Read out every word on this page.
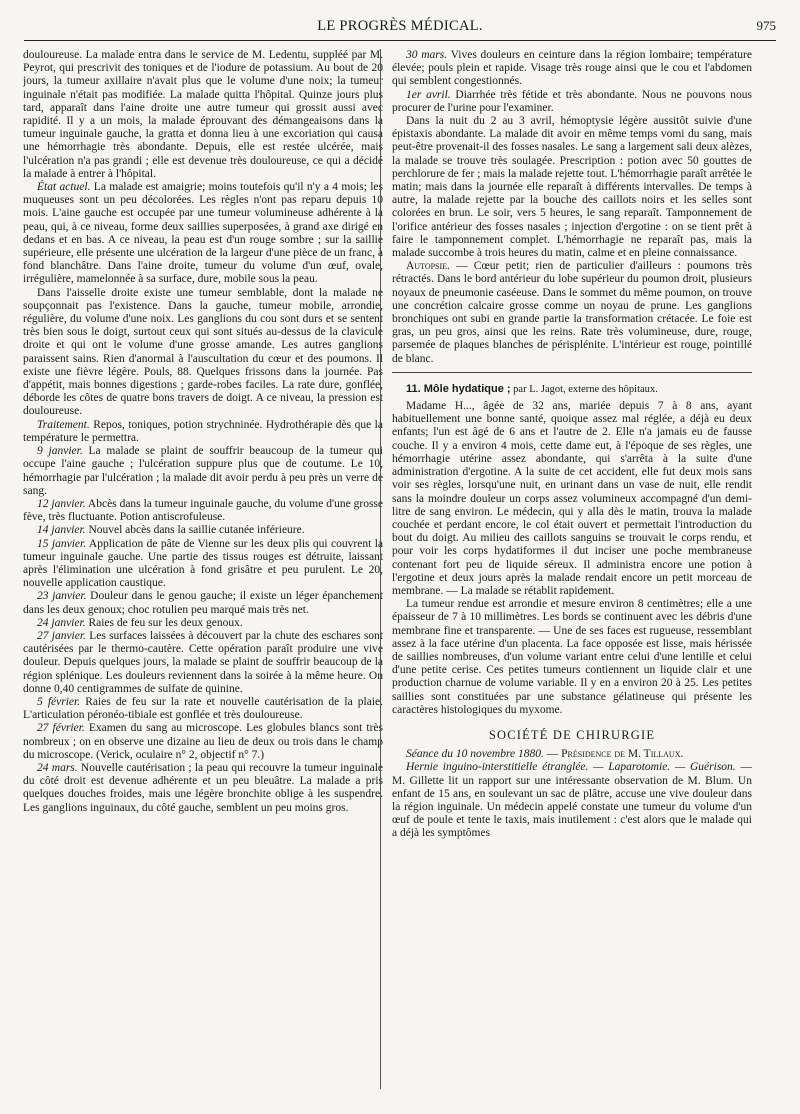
LE PROGRÈS MÉDICAL.	975

douloureuse. La malade entra dans le service de M. Ledentu, suppléé par M. Peyrot, qui prescrivit des toniques et de l'iodure de potassium. Au bout de 20 jours, la tumeur axillaire n'avait plus que le volume d'une noix; la tumeur inguinale n'était pas modifiée. La malade quitta l'hôpital. Quinze jours plus tard, apparaît dans l'aine droite une autre tumeur qui grossit aussi avec rapidité. Il y a un mois, la malade éprouvant des démangeaisons dans la tumeur inguinale gauche, la gratta et donna lieu à une excoriation qui causa une hémorrhagie très abondante. Depuis, elle est restée ulcérée, mais l'ulcération n'a pas grandi ; elle est devenue très douloureuse, ce qui a décidé la malade à entrer à l'hôpital.

État actuel. La malade est amaigrie; moins toutefois qu'il n'y a 4 mois; les muqueuses sont un peu décolorées. Les règles n'ont pas reparu depuis 10 mois. L'aine gauche est occupée par une tumeur volumineuse adhérente à la peau, qui, à ce niveau, forme deux saillies superposées, à grand axe dirigé en dedans et en bas. A ce niveau, la peau est d'un rouge sombre ; sur la saillie supérieure, elle présente une ulcération de la largeur d'une pièce de un franc, à fond blanchâtre. Dans l'aine droite, tumeur du volume d'un œuf, ovale, irrégulière, mamelonnée à sa surface, dure, mobile sous la peau.

Dans l'aisselle droite existe une tumeur semblable, dont la malade ne soupçonnait pas l'existence. Dans la gauche, tumeur mobile, arrondie, régulière, du volume d'une noix. Les ganglions du cou sont durs et se sentent très bien sous le doigt, surtout ceux qui sont situés au-dessus de la clavicule droite et qui ont le volume d'une grosse amande. Les autres ganglions paraissent sains. Rien d'anormal à l'auscultation du cœur et des poumons. Il existe une fièvre légère. Pouls, 88. Quelques frissons dans la journée. Pas d'appétit, mais bonnes digestions ; garde-robes faciles. La rate dure, gonflée, déborde les côtes de quatre bons travers de doigt. A ce niveau, la pression est douloureuse.

Traitement. Repos, toniques, potion strychninée. Hydrothérapie dès que la température le permettra.

9 janvier. La malade se plaint de souffrir beaucoup de la tumeur qui occupe l'aine gauche ; l'ulcération suppure plus que de coutume. Le 10, hémorrhagie par l'ulcération ; la malade dit avoir perdu à peu près un verre de sang.

12 janvier. Abcès dans la tumeur inguinale gauche, du volume d'une grosse fève, très fluctuante. Potion antiscrofuleuse.

14 janvier. Nouvel abcès dans la saillie cutanée inférieure.

15 janvier. Application de pâte de Vienne sur les deux plis qui couvrent la tumeur inguinale gauche. Une partie des tissus rouges est détruite, laissant après l'élimination une ulcération à fond grisâtre et peu purulent. Le 20, nouvelle application caustique.

23 janvier. Douleur dans le genou gauche; il existe un léger épanchement dans les deux genoux; choc rotulien peu marqué mais très net.

24 janvier. Raies de feu sur les deux genoux.

27 janvier. Les surfaces laissées à découvert par la chute des eschares sont cautérisées par le thermo-cautère. Cette opération paraît produire une vive douleur. Depuis quelques jours, la malade se plaint de souffrir beaucoup de la région splénique. Les douleurs reviennent dans la soirée à la même heure. On donne 0,40 centigrammes de sulfate de quinine.

5 février. Raies de feu sur la rate et nouvelle cautérisation de la plaie. L'articulation péronéo-tibiale est gonflée et très douloureuse.

27 février. Examen du sang au microscope. Les globules blancs sont très nombreux ; on en observe une dizaine au lieu de deux ou trois dans le champ du microscope. (Verick, oculaire n° 2, objectif n° 7.)

24 mars. Nouvelle cautérisation ; la peau qui recouvre la tumeur inguinale du côté droit est devenue adhérente et un peu bleuâtre. La malade a pris quelques douches froides, mais une légère bronchite oblige à les suspendre. Les ganglions inguinaux, du côté gauche, semblent un peu moins gros.

30 mars. Vives douleurs en ceinture dans la région lombaire; température élevée; pouls plein et rapide. Visage très rouge ainsi que le cou et l'abdomen qui semblent congestionnés.

1er avril. Diarrhée très fétide et très abondante. Nous ne pouvons nous procurer de l'urine pour l'examiner.

Dans la nuit du 2 au 3 avril, hémoptysie légère aussitôt suivie d'une épistaxis abondante. La malade dit avoir en même temps vomi du sang, mais peut-être provenait-il des fosses nasales. Le sang a largement sali deux alèzes, la malade se trouve très soulagée. Prescription : potion avec 50 gouttes de perchlorure de fer ; mais la malade rejette tout. L'hémorrhagie paraît arrêtée le matin; mais dans la journée elle reparaît à différents intervalles. De temps à autre, la malade rejette par la bouche des caillots noirs et les selles sont colorées en brun. Le soir, vers 5 heures, le sang reparaît. Tamponnement de l'orifice antérieur des fosses nasales ; injection d'ergotine : on se tient prêt à faire le tamponnement complet. L'hémorrhagie ne reparaît pas, mais la malade succombe à trois heures du matin, calme et en pleine connaissance.

Autopsie. — Cœur petit; rien de particulier d'ailleurs : poumons très rétractés. Dans le bord antérieur du lobe supérieur du poumon droit, plusieurs noyaux de pneumonie caséeuse. Dans le sommet du même poumon, on trouve une concrétion calcaire grosse comme un noyau de prune. Les ganglions bronchiques ont subi en grande partie la transformation crétacée. Le foie est gras, un peu gros, ainsi que les reins. Rate très volumineuse, dure, rouge, parsemée de plaques blanches de périsplénite. L'intérieur est rouge, pointillé de blanc.

11. Môle hydatique ; par L. Jagot, externe des hôpitaux.

Madame H..., âgée de 32 ans, mariée depuis 7 à 8 ans, ayant habituellement une bonne santé, quoique assez mal réglée, a déjà eu deux enfants; l'un est âgé de 6 ans et l'autre de 2. Elle n'a jamais eu de fausse couche. Il y a environ 4 mois, cette dame eut, à l'époque de ses règles, une hémorrhagie utérine assez abondante, qui s'arrêta à la suite d'une administration d'ergotine. A la suite de cet accident, elle fut deux mois sans voir ses règles, lorsqu'une nuit, en urinant dans un vase de nuit, elle rendit sans la moindre douleur un corps assez volumineux accompagné d'un demi-litre de sang environ. Le médecin, qui y alla dès le matin, trouva la malade couchée et perdant encore, le col était ouvert et permettait l'introduction du bout du doigt. Au milieu des caillots sanguins se trouvait le corps rendu, et pour voir les corps hydatiformes il dut inciser une poche membraneuse contenant fort peu de liquide séreux. Il administra encore une potion à l'ergotine et deux jours après la malade rendait encore un petit morceau de membrane. — La malade se rétablit rapidement.

La tumeur rendue est arrondie et mesure environ 8 centimètres; elle a une épaisseur de 7 à 10 millimètres. Les bords se continuent avec les débris d'une membrane fine et transparente. — Une de ses faces est rugueuse, ressemblant assez à la face utérine d'un placenta. La face opposée est lisse, mais hérissée de saillies nombreuses, d'un volume variant entre celui d'une lentille et celui d'une petite cerise. Ces petites tumeurs contiennent un liquide clair et une production charnue de volume variable. Il y en a environ 20 à 25. Les petites saillies sont constituées par une substance gélatineuse qui présente les caractères histologiques du myxome.

SOCIÉTÉ DE CHIRURGIE

Séance du 10 novembre 1880. — Présidence de M. Tillaux.

Hernie inguino-interstitielle étranglée. — Laparotomie. — Guérison. — M. Gillette lit un rapport sur une intéressante observation de M. Blum. Un enfant de 15 ans, en soulevant un sac de plâtre, accuse une vive douleur dans la région inguinale. Un médecin appelé constate une tumeur du volume d'un œuf de poule et tente le taxis, mais inutilement : c'est alors que le malade qui a déjà les symptômes
